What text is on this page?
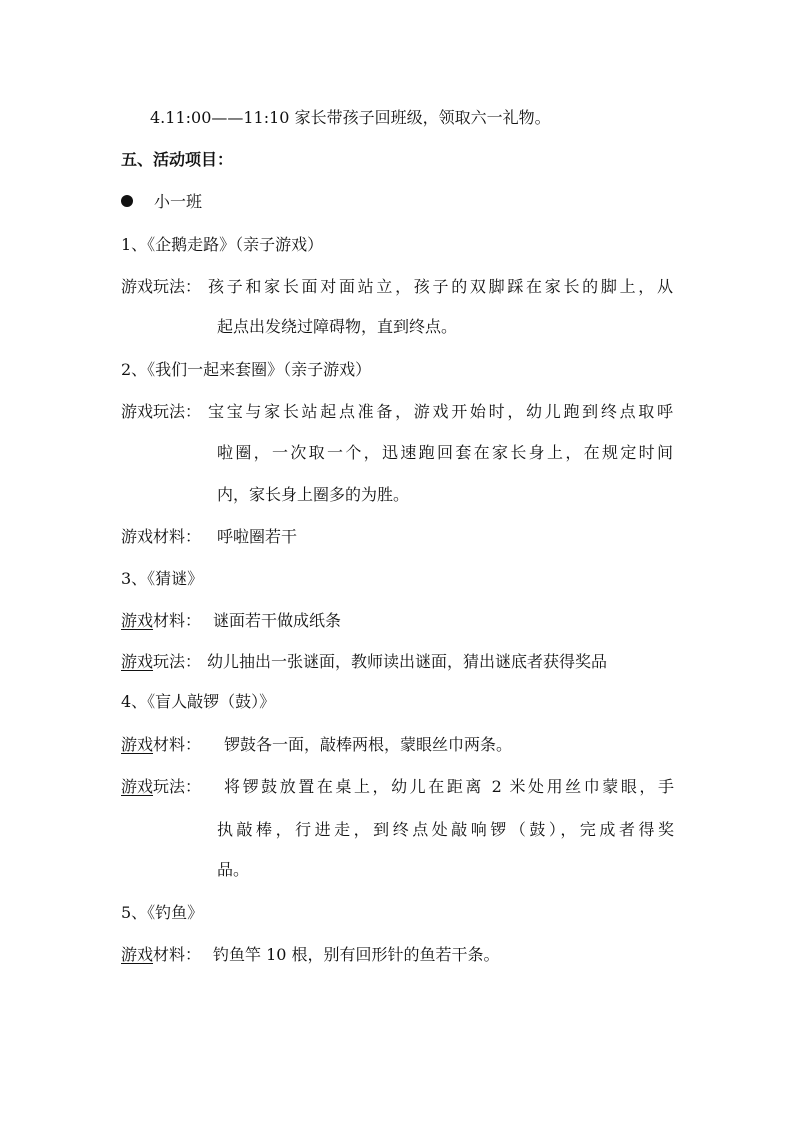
4.11:00——11:10 家长带孩子回班级，领取六一礼物。
五、活动项目：
小一班
1、《企鹅走路》（亲子游戏）
游戏玩法： 孩子和家长面对面站立，孩子的双脚踩在家长的脚上，从
起点出发绕过障碍物，直到终点。
2、《我们一起来套圈》（亲子游戏）
游戏玩法： 宝宝与家长站起点准备，游戏开始时，幼儿跑到终点取呼
啦圈，一次取一个，迅速跑回套在家长身上，在规定时间
内，家长身上圈多的为胜。
游戏材料： 呼啦圈若干
3、《猜谜》
游戏材料： 谜面若干做成纸条
游戏玩法： 幼儿抽出一张谜面，教师读出谜面，猜出谜底者获得奖品
4、《盲人敲锣（鼓）》
游戏材料： 锣鼓各一面，敲棒两根，蒙眼丝巾两条。
游戏玩法： 将锣鼓放置在桌上，幼儿在距离 2 米处用丝巾蒙眼，手
执敲棒，行进走，到终点处敲响锣（鼓），完成者得奖
品。
5、《钓鱼》
游戏材料： 钓鱼竿 10 根，别有回形针的鱼若干条。
